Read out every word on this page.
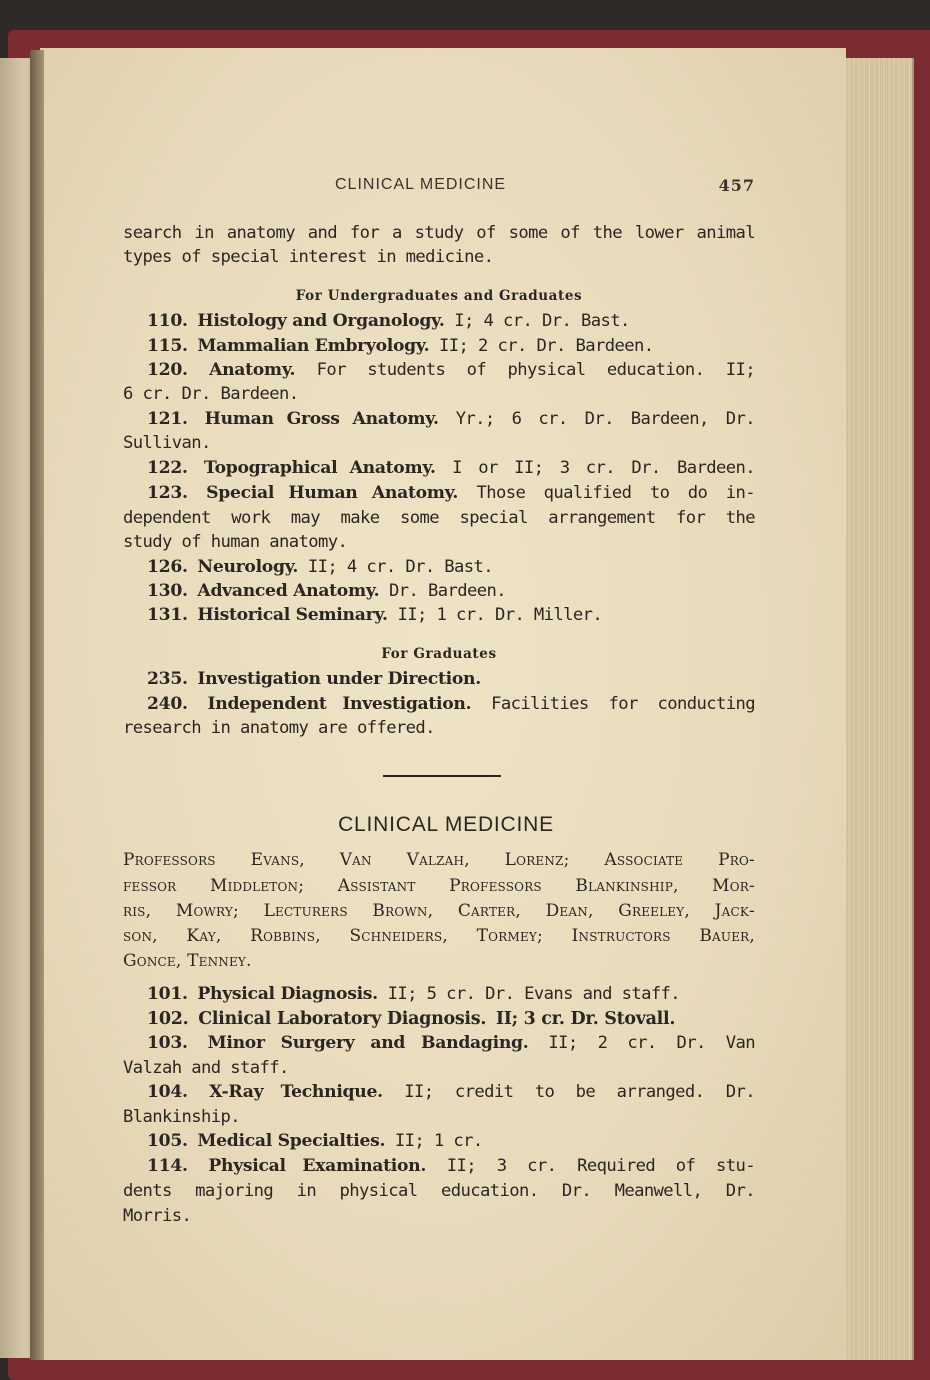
CLINICAL MEDICINE	457
search in anatomy and for a study of some of the lower animal
types of special interest in medicine.
For Undergraduates and Graduates
110. Histology and Organology. I; 4 cr. Dr. Bast.
115. Mammalian Embryology. II; 2 cr. Dr. Bardeen.
120. Anatomy. For students of physical education. II;
6 cr. Dr. Bardeen.
121. Human Gross Anatomy. Yr.; 6 cr. Dr. Bardeen, Dr.
Sullivan.
122. Topographical Anatomy. I or II; 3 cr. Dr. Bardeen.
123. Special Human Anatomy. Those qualified to do in-
dependent work may make some special arrangement for the
study of human anatomy.
126. Neurology. II; 4 cr. Dr. Bast.
130. Advanced Anatomy. Dr. Bardeen.
131. Historical Seminary. II; 1 cr. Dr. Miller.
For Graduates
235. Investigation under Direction.
240. Independent Investigation. Facilities for conducting
research in anatomy are offered.
CLINICAL MEDICINE
Professors Evans, Van Valzah, Lorenz; Associate Pro-
fessor Middleton; Assistant Professors Blankinship, Mor-
ris, Mowry; Lecturers Brown, Carter, Dean, Greeley, Jack-
son, Kay, Robbins, Schneiders, Tormey; Instructors Bauer,
Gonce, Tenney.
101. Physical Diagnosis. II; 5 cr. Dr. Evans and staff.
102. Clinical Laboratory Diagnosis. II; 3 cr. Dr. Stovall.
103. Minor Surgery and Bandaging. II; 2 cr. Dr. Van
Valzah and staff.
104. X-Ray Technique. II; credit to be arranged. Dr.
Blankinship.
105. Medical Specialties. II; 1 cr.
114. Physical Examination. II; 3 cr. Required of stu-
dents majoring in physical education. Dr. Meanwell, Dr.
Morris.
